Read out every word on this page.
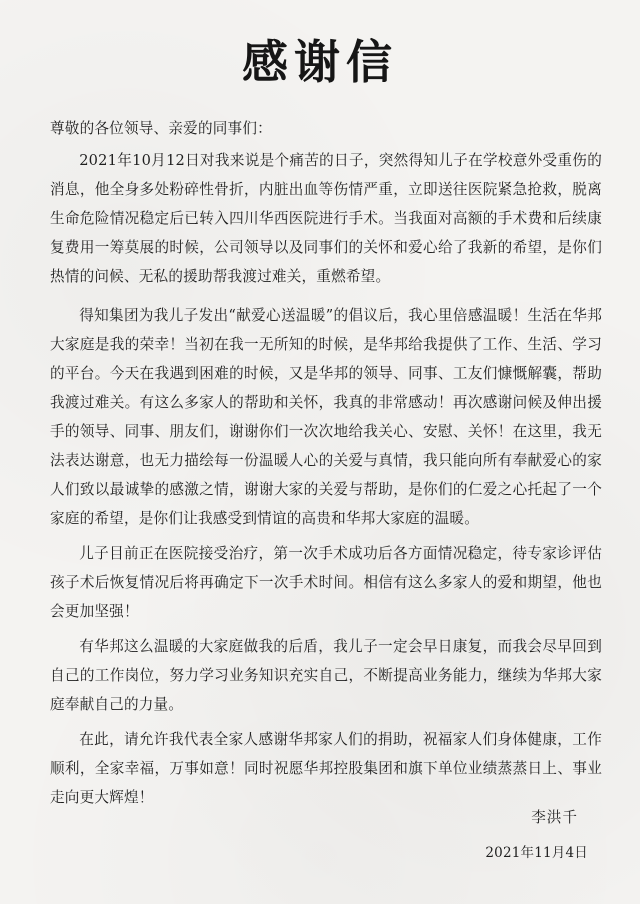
感谢信

尊敬的各位领导、亲爱的同事们：

2021年10月12日对我来说是个痛苦的日子，突然得知儿子在学校意外受重伤的消息，他全身多处粉碎性骨折，内脏出血等伤情严重，立即送往医院紧急抢救，脱离生命危险情况稳定后已转入四川华西医院进行手术。当我面对高额的手术费和后续康复费用一筹莫展的时候，公司领导以及同事们的关怀和爱心给了我新的希望，是你们热情的问候、无私的援助帮我渡过难关，重燃希望。

得知集团为我儿子发出“献爱心送温暖”的倡议后，我心里倍感温暖！生活在华邦大家庭是我的荣幸！当初在我一无所知的时候，是华邦给我提供了工作、生活、学习的平台。今天在我遇到困难的时候，又是华邦的领导、同事、工友们慷慨解囊，帮助我渡过难关。有这么多家人的帮助和关怀，我真的非常感动！再次感谢问候及伸出援手的领导、同事、朋友们，谢谢你们一次次地给我关心、安慰、关怀！在这里，我无法表达谢意，也无力描绘每一份温暖人心的关爱与真情，我只能向所有奉献爱心的家人们致以最诚挚的感激之情，谢谢大家的关爱与帮助，是你们的仁爱之心托起了一个家庭的希望，是你们让我感受到情谊的高贵和华邦大家庭的温暖。

儿子目前正在医院接受治疗，第一次手术成功后各方面情况稳定，待专家诊评估孩子术后恢复情况后将再确定下一次手术时间。相信有这么多家人的爱和期望，他也会更加坚强！

有华邦这么温暖的大家庭做我的后盾，我儿子一定会早日康复，而我会尽早回到自己的工作岗位，努力学习业务知识充实自己，不断提高业务能力，继续为华邦大家庭奉献自己的力量。

在此，请允许我代表全家人感谢华邦家人们的捐助，祝福家人们身体健康，工作顺利，全家幸福，万事如意！同时祝愿华邦控股集团和旗下单位业绩蒸蒸日上、事业走向更大辉煌！

李洪千
2021年11月4日
